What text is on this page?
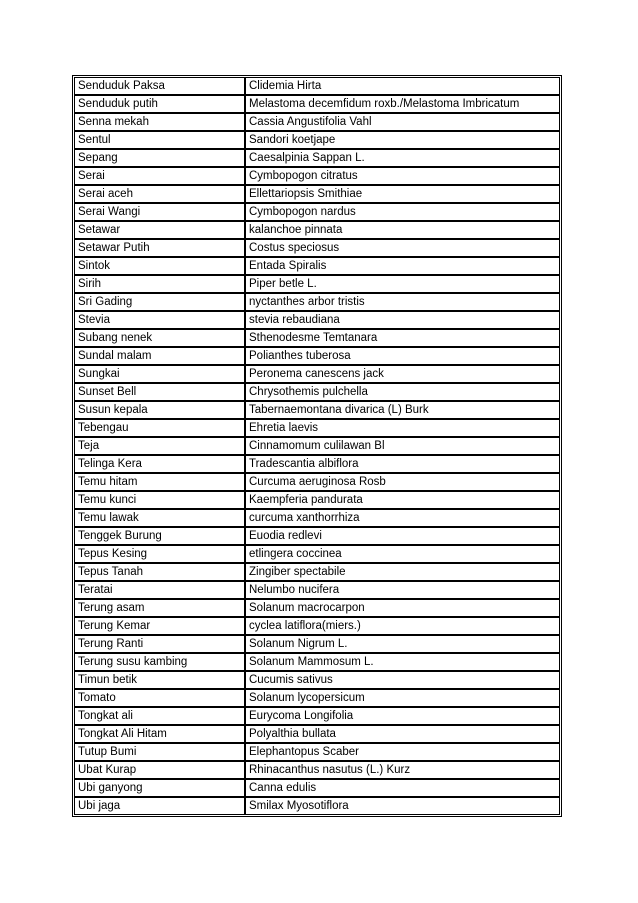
Senduduk Paksa	Clidemia Hirta
Senduduk putih	Melastoma decemfidum roxb./Melastoma Imbricatum
Senna mekah	Cassia Angustifolia Vahl
Sentul	Sandori koetjape
Sepang	Caesalpinia Sappan L.
Serai	Cymbopogon citratus
Serai aceh	Ellettariopsis Smithiae
Serai Wangi	Cymbopogon nardus
Setawar	kalanchoe pinnata
Setawar Putih	Costus speciosus
Sintok	Entada Spiralis
Sirih	Piper betle L.
Sri Gading	nyctanthes arbor tristis
Stevia	stevia rebaudiana
Subang nenek	Sthenodesme Temtanara
Sundal malam	Polianthes tuberosa
Sungkai	Peronema canescens jack
Sunset Bell	Chrysothemis pulchella
Susun kepala	Tabernaemontana divarica (L) Burk
Tebengau	Ehretia laevis
Teja	Cinnamomum culilawan Bl
Telinga Kera	Tradescantia albiflora
Temu hitam	Curcuma aeruginosa Rosb
Temu kunci	Kaempferia pandurata
Temu lawak	curcuma xanthorrhiza
Tenggek Burung	Euodia redlevi
Tepus Kesing	etlingera coccinea
Tepus Tanah	Zingiber spectabile
Teratai	Nelumbo nucifera
Terung asam	Solanum macrocarpon
Terung Kemar	cyclea latiflora(miers.)
Terung Ranti	Solanum Nigrum L.
Terung susu kambing	Solanum Mammosum L.
Timun betik	Cucumis sativus
Tomato	Solanum lycopersicum
Tongkat ali	Eurycoma Longifolia
Tongkat Ali Hitam	Polyalthia bullata
Tutup Bumi	Elephantopus Scaber
Ubat Kurap	Rhinacanthus nasutus (L.) Kurz
Ubi ganyong	Canna edulis
Ubi jaga	Smilax Myosotiflora
